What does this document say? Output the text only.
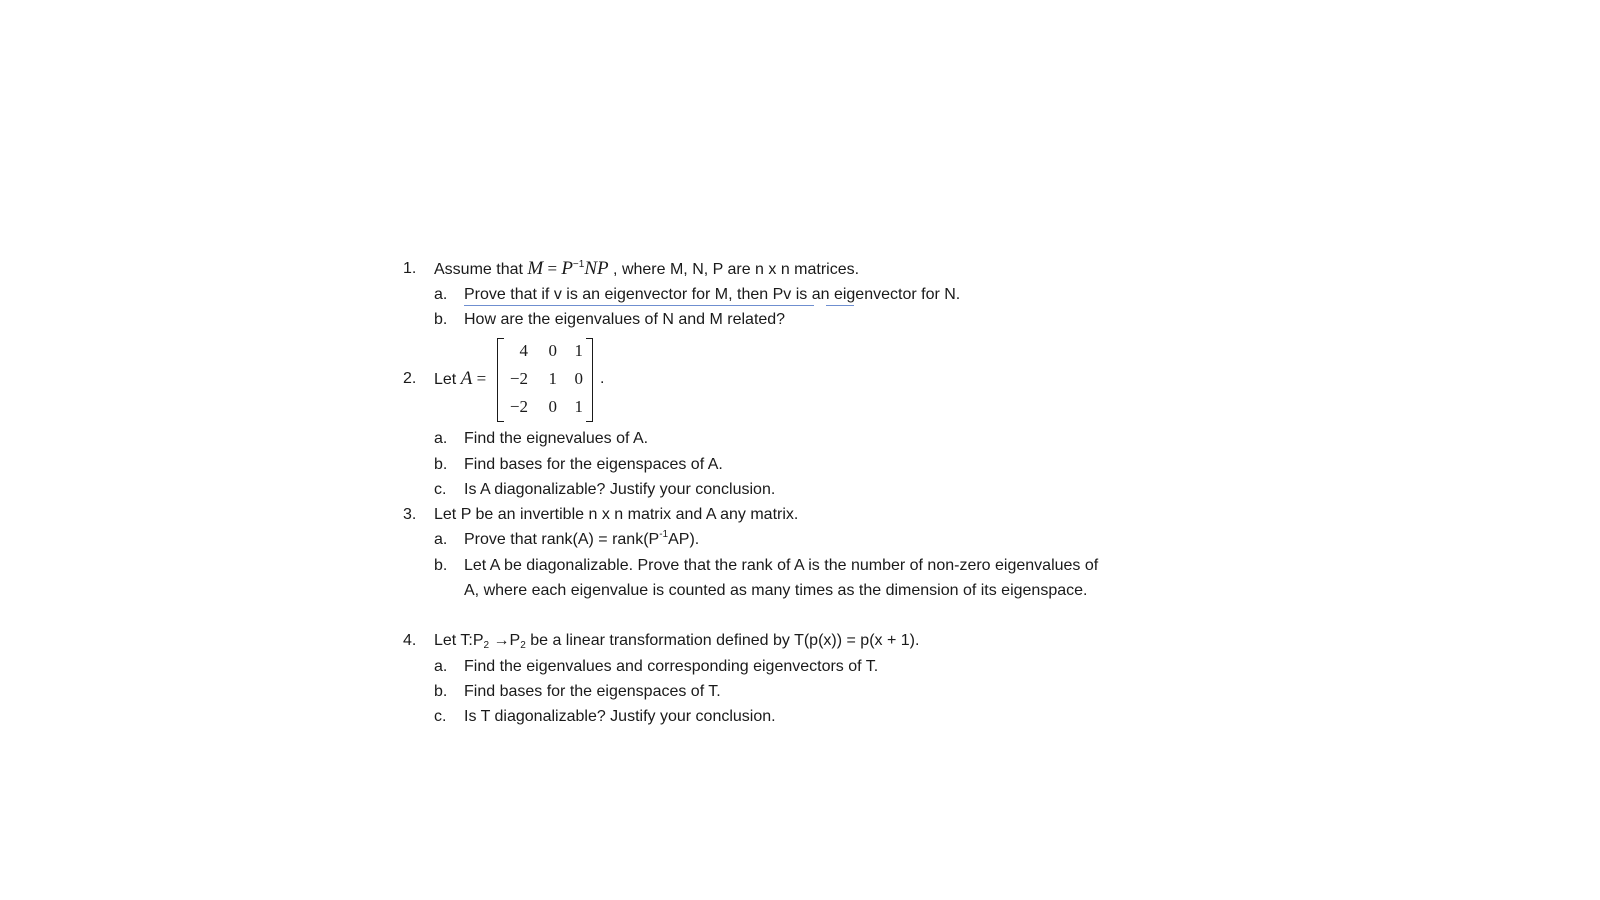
1. Assume that $M = P^{-1}NP$ , where M, N, P are n x n matrices.
a. Prove that if v is an eigenvector for M, then Pv is an eigenvector for N.
b. How are the eigenvalues of N and M related?
2. Let A =	.
4	0	1
−2	1	0
−2	0	1
a. Find the eignevalues of A.
b. Find bases for the eigenspaces of A.
c. Is A diagonalizable? Justify your conclusion.
3. Let P be an invertible n x n matrix and A any matrix.
a. Prove that rank(A) = $rank(P^{-1}AP)$.
b. Let A be diagonalizable. Prove that the rank of A is the number of non-zero eigenvalues of
A, where each eigenvalue is counted as many times as the dimension of its eigenspace.
4. Let $T:P_2 \to P_2$ be a linear transformation defined by T(p(x)) = p(x + 1).
a. Find the eigenvalues and corresponding eigenvectors of T.
b. Find bases for the eigenspaces of T.
c. Is T diagonalizable? Justify your conclusion.
